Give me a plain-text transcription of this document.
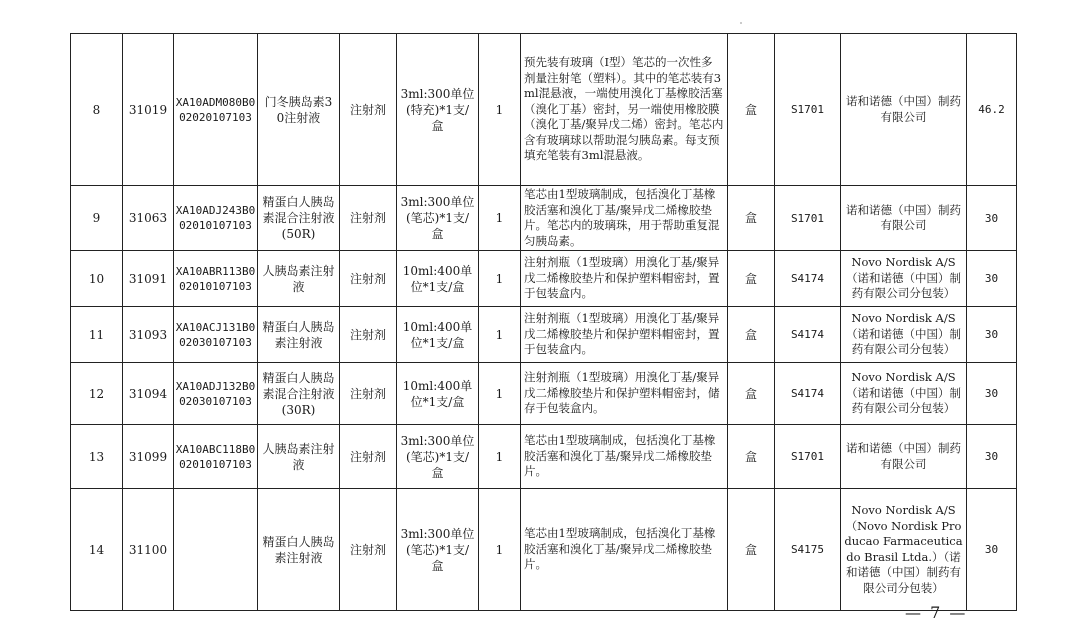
8	31019	XA10ADM080B002020107103	门冬胰岛素30注射液	注射剂	3ml:300单位(特充)*1支/盒	1	预先装有玻璃（Ⅰ型）笔芯的一次性多剂量注射笔（塑料）。其中的笔芯装有3ml混悬液，一端使用溴化丁基橡胶活塞（溴化丁基）密封，另一端使用橡胶膜（溴化丁基/聚异戊二烯）密封。笔芯内含有玻璃球以帮助混匀胰岛素。每支预填充笔装有3ml混悬液。	盒	S1701	诺和诺德（中国）制药有限公司	46.2
9	31063	XA10ADJ243B002010107103	精蛋白人胰岛素混合注射液(50R)	注射剂	3ml:300单位(笔芯)*1支/盒	1	笔芯由1型玻璃制成，包括溴化丁基橡胶活塞和溴化丁基/聚异戊二烯橡胶垫片。笔芯内的玻璃珠，用于帮助重复混匀胰岛素。	盒	S1701	诺和诺德（中国）制药有限公司	30
10	31091	XA10ABR113B002010107103	人胰岛素注射液	注射剂	10ml:400单位*1支/盒	1	注射剂瓶（1型玻璃）用溴化丁基/聚异戊二烯橡胶垫片和保护塑料帽密封，置于包装盒内。	盒	S4174	Novo Nordisk A/S（诺和诺德（中国）制药有限公司分包装）	30
11	31093	XA10ACJ131B002030107103	精蛋白人胰岛素注射液	注射剂	10ml:400单位*1支/盒	1	注射剂瓶（1型玻璃）用溴化丁基/聚异戊二烯橡胶垫片和保护塑料帽密封，置于包装盒内。	盒	S4174	Novo Nordisk A/S（诺和诺德（中国）制药有限公司分包装）	30
12	31094	XA10ADJ132B002030107103	精蛋白人胰岛素混合注射液(30R)	注射剂	10ml:400单位*1支/盒	1	注射剂瓶（1型玻璃）用溴化丁基/聚异戊二烯橡胶垫片和保护塑料帽密封，储存于包装盒内。	盒	S4174	Novo Nordisk A/S（诺和诺德（中国）制药有限公司分包装）	30
13	31099	XA10ABC118B002010107103	人胰岛素注射液	注射剂	3ml:300单位(笔芯)*1支/盒	1	笔芯由1型玻璃制成，包括溴化丁基橡胶活塞和溴化丁基/聚异戊二烯橡胶垫片。	盒	S1701	诺和诺德（中国）制药有限公司	30
14	31100		精蛋白人胰岛素注射液	注射剂	3ml:300单位(笔芯)*1支/盒	1	笔芯由1型玻璃制成，包括溴化丁基橡胶活塞和溴化丁基/聚异戊二烯橡胶垫片。	盒	S4175	Novo Nordisk A/S（Novo Nordisk Producao Farmaceutica do Brasil Ltda.）（诺和诺德（中国）制药有限公司分包装）	30
— 7 —
